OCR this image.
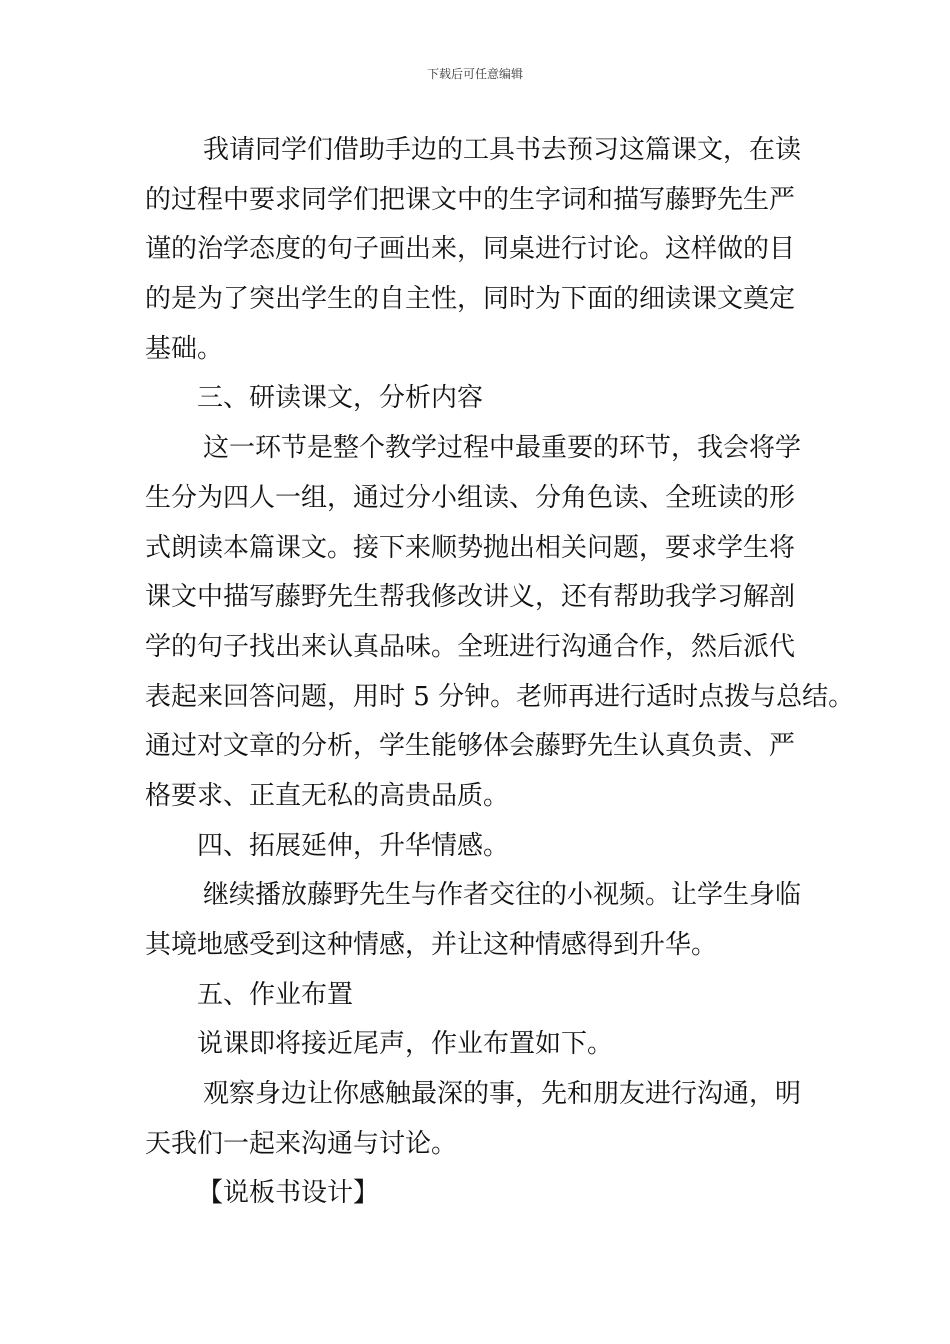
下载后可任意编辑

我请同学们借助手边的工具书去预习这篇课文，在读

的过程中要求同学们把课文中的生字词和描写藤野先生严

谨的治学态度的句子画出来，同桌进行讨论。这样做的目

的是为了突出学生的自主性，同时为下面的细读课文奠定

基础。

三、研读课文，分析内容

这一环节是整个教学过程中最重要的环节，我会将学

生分为四人一组，通过分小组读、分角色读、全班读的形

式朗读本篇课文。接下来顺势抛出相关问题，要求学生将

课文中描写藤野先生帮我修改讲义，还有帮助我学习解剖

学的句子找出来认真品味。全班进行沟通合作，然后派代

表起来回答问题，用时 5 分钟。老师再进行适时点拨与总结。

通过对文章的分析，学生能够体会藤野先生认真负责、严

格要求、正直无私的高贵品质。

四、拓展延伸，升华情感。

继续播放藤野先生与作者交往的小视频。让学生身临

其境地感受到这种情感，并让这种情感得到升华。

五、作业布置

说课即将接近尾声，作业布置如下。

观察身边让你感触最深的事，先和朋友进行沟通，明

天我们一起来沟通与讨论。

【说板书设计】
